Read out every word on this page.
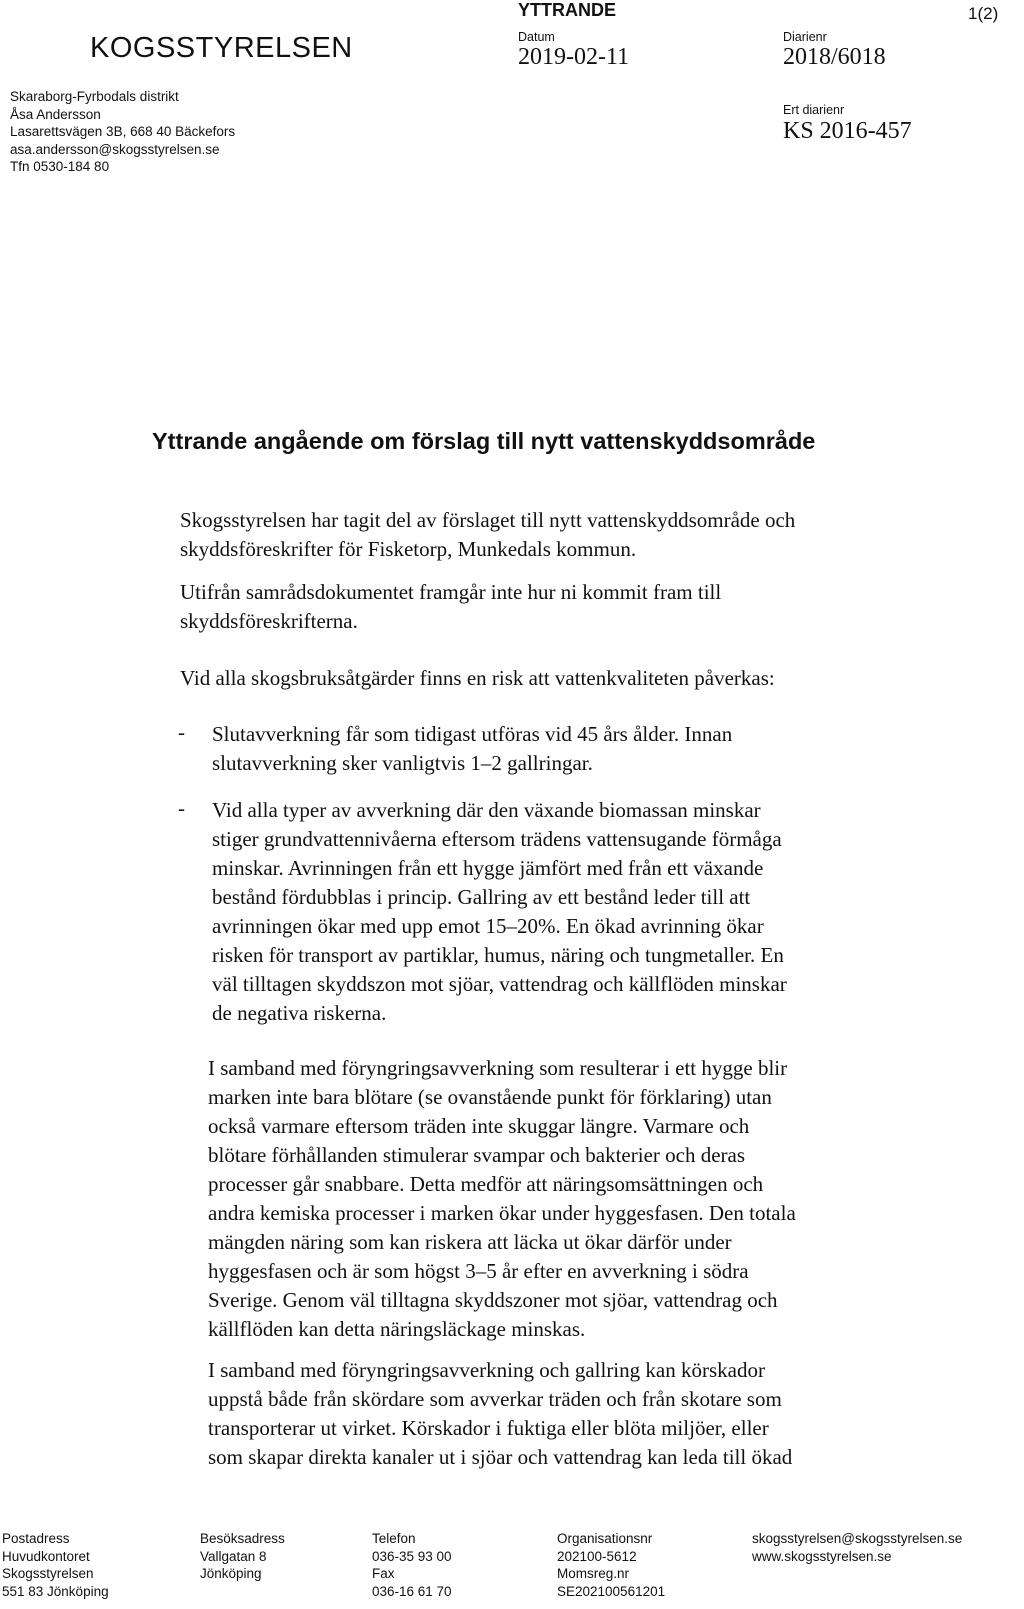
KOGSSTYRELSEN
Skaraborg-Fyrbodals distrikt
Åsa Andersson
Lasarettsvägen 3B, 668 40 Bäckefors
asa.andersson@skogsstyrelsen.se
Tfn 0530-184 80
YTTRANDE	1(2)
Datum
2019-02-11
Diarienr
2018/6018
Ert diarienr
KS 2016-457
Yttrande angående om förslag till nytt vattenskyddsområde

Skogsstyrelsen har tagit del av förslaget till nytt vattenskyddsområde och
skyddsföreskrifter för Fisketorp, Munkedals kommun.

Utifrån samrådsdokumentet framgår inte hur ni kommit fram till
skyddsföreskrifterna.

Vid alla skogsbruksåtgärder finns en risk att vattenkvaliteten påverkas:

- Slutavverkning får som tidigast utföras vid 45 års ålder. Innan
slutavverkning sker vanligtvis 1–2 gallringar.

- Vid alla typer av avverkning där den växande biomassan minskar
stiger grundvattennivåerna eftersom trädens vattensugande förmåga
minskar. Avrinningen från ett hygge jämfört med från ett växande
bestånd fördubblas i princip. Gallring av ett bestånd leder till att
avrinningen ökar med upp emot 15–20%. En ökad avrinning ökar
risken för transport av partiklar, humus, näring och tungmetaller. En
väl tilltagen skyddszon mot sjöar, vattendrag och källflöden minskar
de negativa riskerna.

I samband med föryngringsavverkning som resulterar i ett hygge blir
marken inte bara blötare (se ovanstående punkt för förklaring) utan
också varmare eftersom träden inte skuggar längre. Varmare och
blötare förhållanden stimulerar svampar och bakterier och deras
processer går snabbare. Detta medför att näringsomsättningen och
andra kemiska processer i marken ökar under hyggesfasen. Den totala
mängden näring som kan riskera att läcka ut ökar därför under
hyggesfasen och är som högst 3–5 år efter en avverkning i södra
Sverige. Genom väl tilltagna skyddszoner mot sjöar, vattendrag och
källflöden kan detta näringsläckage minskas.

I samband med föryngringsavverkning och gallring kan körskador
uppstå både från skördare som avverkar träden och från skotare som
transporterar ut virket. Körskador i fuktiga eller blöta miljöer, eller
som skapar direkta kanaler ut i sjöar och vattendrag kan leda till ökad

Postadress
Huvudkontoret
Skogsstyrelsen
551 83 Jönköping
Besöksadress
Vallgatan 8
Jönköping
Telefon
036-35 93 00
Fax
036-16 61 70
Organisationsnr
202100-5612
Momsreg.nr
SE202100561201
skogsstyrelsen@skogsstyrelsen.se
www.skogsstyrelsen.se
